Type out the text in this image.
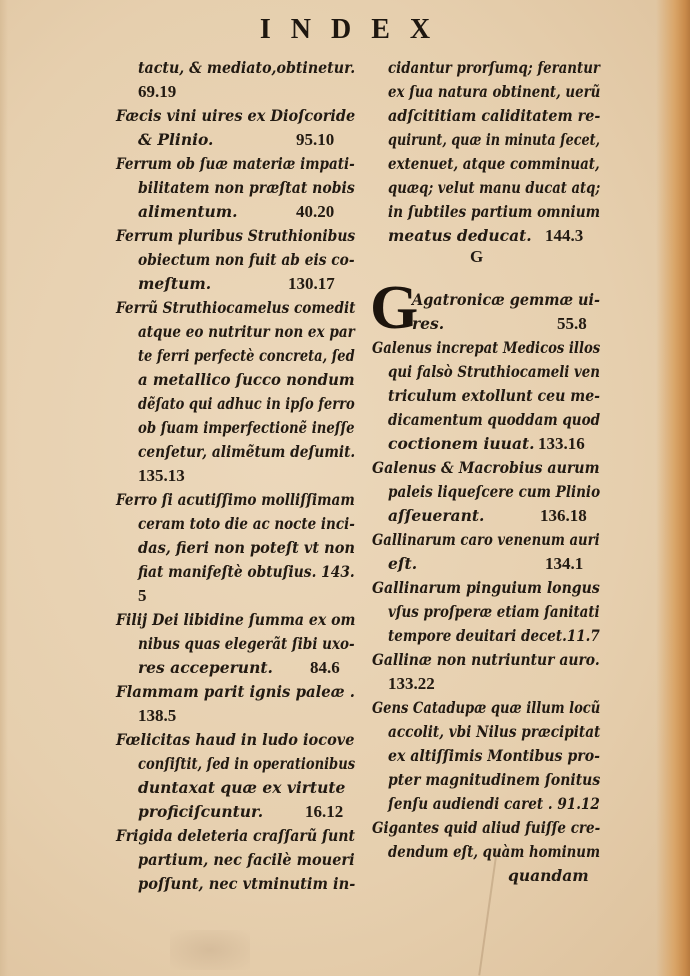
INDEX
tactu, & mediato,obtinetur.
69.19
Fæcis vini uires ex Dioſcoride
& Plinio.	95.10
Ferrum ob ſuæ materiæ impati-
bilitatem non præſtat nobis
alimentum.	40.20
Ferrum pluribus Struthionibus
obiectum non fuit ab eis co-
meſtum.	130.17
Ferrũ Struthiocamelus comedit
atque eo nutritur non ex par
te ferri perfectè concreta, ſed
a metallico ſucco nondum
dẽſato qui adhuc in ipſo ferro
ob ſuam imperfectionẽ ineſſe
cenſetur, alimẽtum deſumit.
135.13
Ferro ſi acutiſſimo molliſſimam
ceram toto die ac nocte inci-
das, fieri non poteſt vt non
fiat manifeſtè obtuſius. 143.
5
Filij Dei libidine ſumma ex om
nibus quas elegerãt ſibi uxo-
res acceperunt. 84.6
Flammam parit ignis paleæ .
138.5
Fœlicitas haud in ludo iocove
conſiſtit, ſed in operationibus
duntaxat quæ ex virtute
proficiſcuntur. 16.12
Frigida deleteria craſſarũ ſunt
partium, nec facilè moueri
poſſunt, nec vtminutim in-
cidantur prorſumq; ferantur
ex ſua natura obtinent, uerũ
adſcititiam caliditatem re-
quirunt, quæ in minuta ſecet,
extenuet, atque comminuat,
quæq; velut manu ducat atq;
in ſubtiles partium omnium
meatus deducat. 144.3
G
G
Agatronicæ gemmæ ui-
res.	55.8
Galenus increpat Medicos illos
qui falsò Struthiocameli ven
triculum extollunt ceu me-
dicamentum quoddam quod
coctionem iuuat. 133.16
Galenus & Macrobius aurum
paleis liqueſcere cum Plinio
aſſeuerant.	136.18
Gallinarum caro venenum auri
eſt.	134.1
Gallinarum pinguium longus
vſus proſperæ etiam ſanitati
tempore deuitari decet.11.7
Gallinæ non nutriuntur auro.
133.22
Gens Catadupæ quæ illum locũ
accolit, vbi Nilus præcipitat
ex altiſſimis Montibus pro-
pter magnitudinem ſonitus
ſenſu audiendi caret . 91.12
Gigantes quid aliud fuiſſe cre-
dendum eſt, quàm hominum
quandam
